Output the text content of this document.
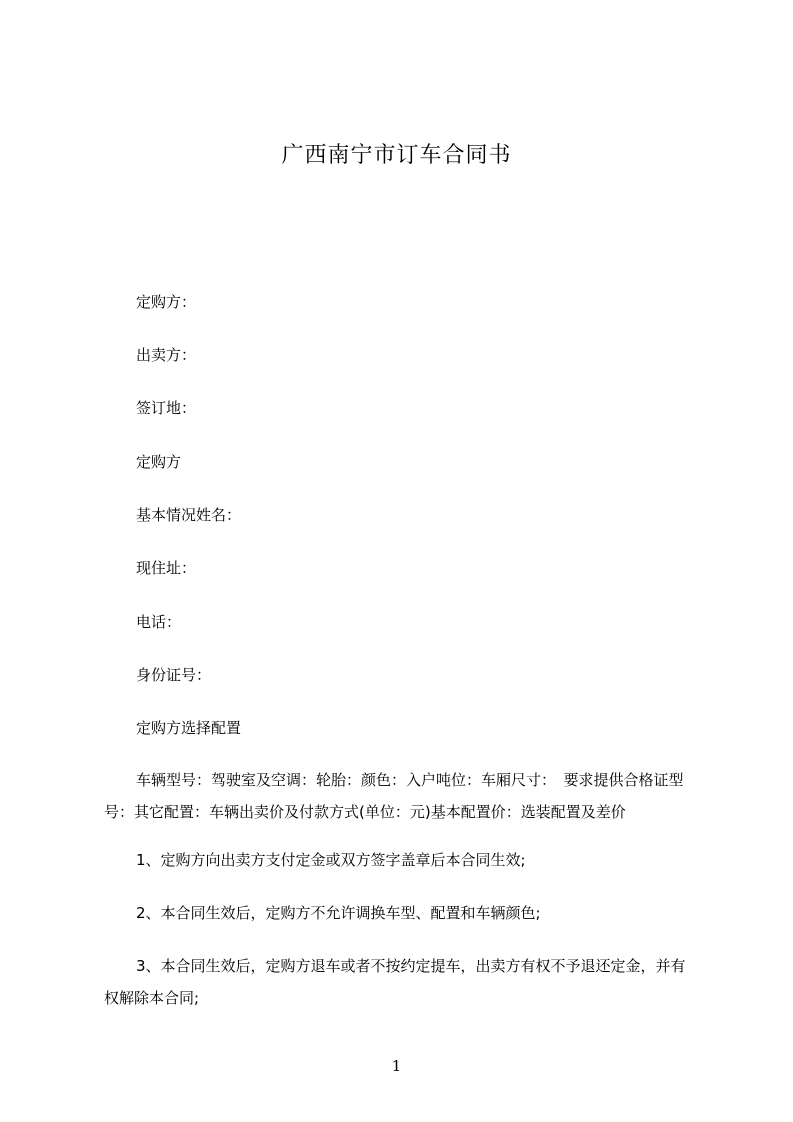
广西南宁市订车合同书
定购方：
出卖方：
签订地：
定购方
基本情况姓名：
现住址：
电话：
身份证号：
定购方选择配置
车辆型号：驾驶室及空调：轮胎：颜色：入户吨位：车厢尺寸：　要求提供合格证型号：其它配置：车辆出卖价及付款方式(单位：元)基本配置价：选装配置及差价
1、定购方向出卖方支付定金或双方签字盖章后本合同生效;
2、本合同生效后，定购方不允许调换车型、配置和车辆颜色;
3、本合同生效后，定购方退车或者不按约定提车，出卖方有权不予退还定金，并有权解除本合同;
1
